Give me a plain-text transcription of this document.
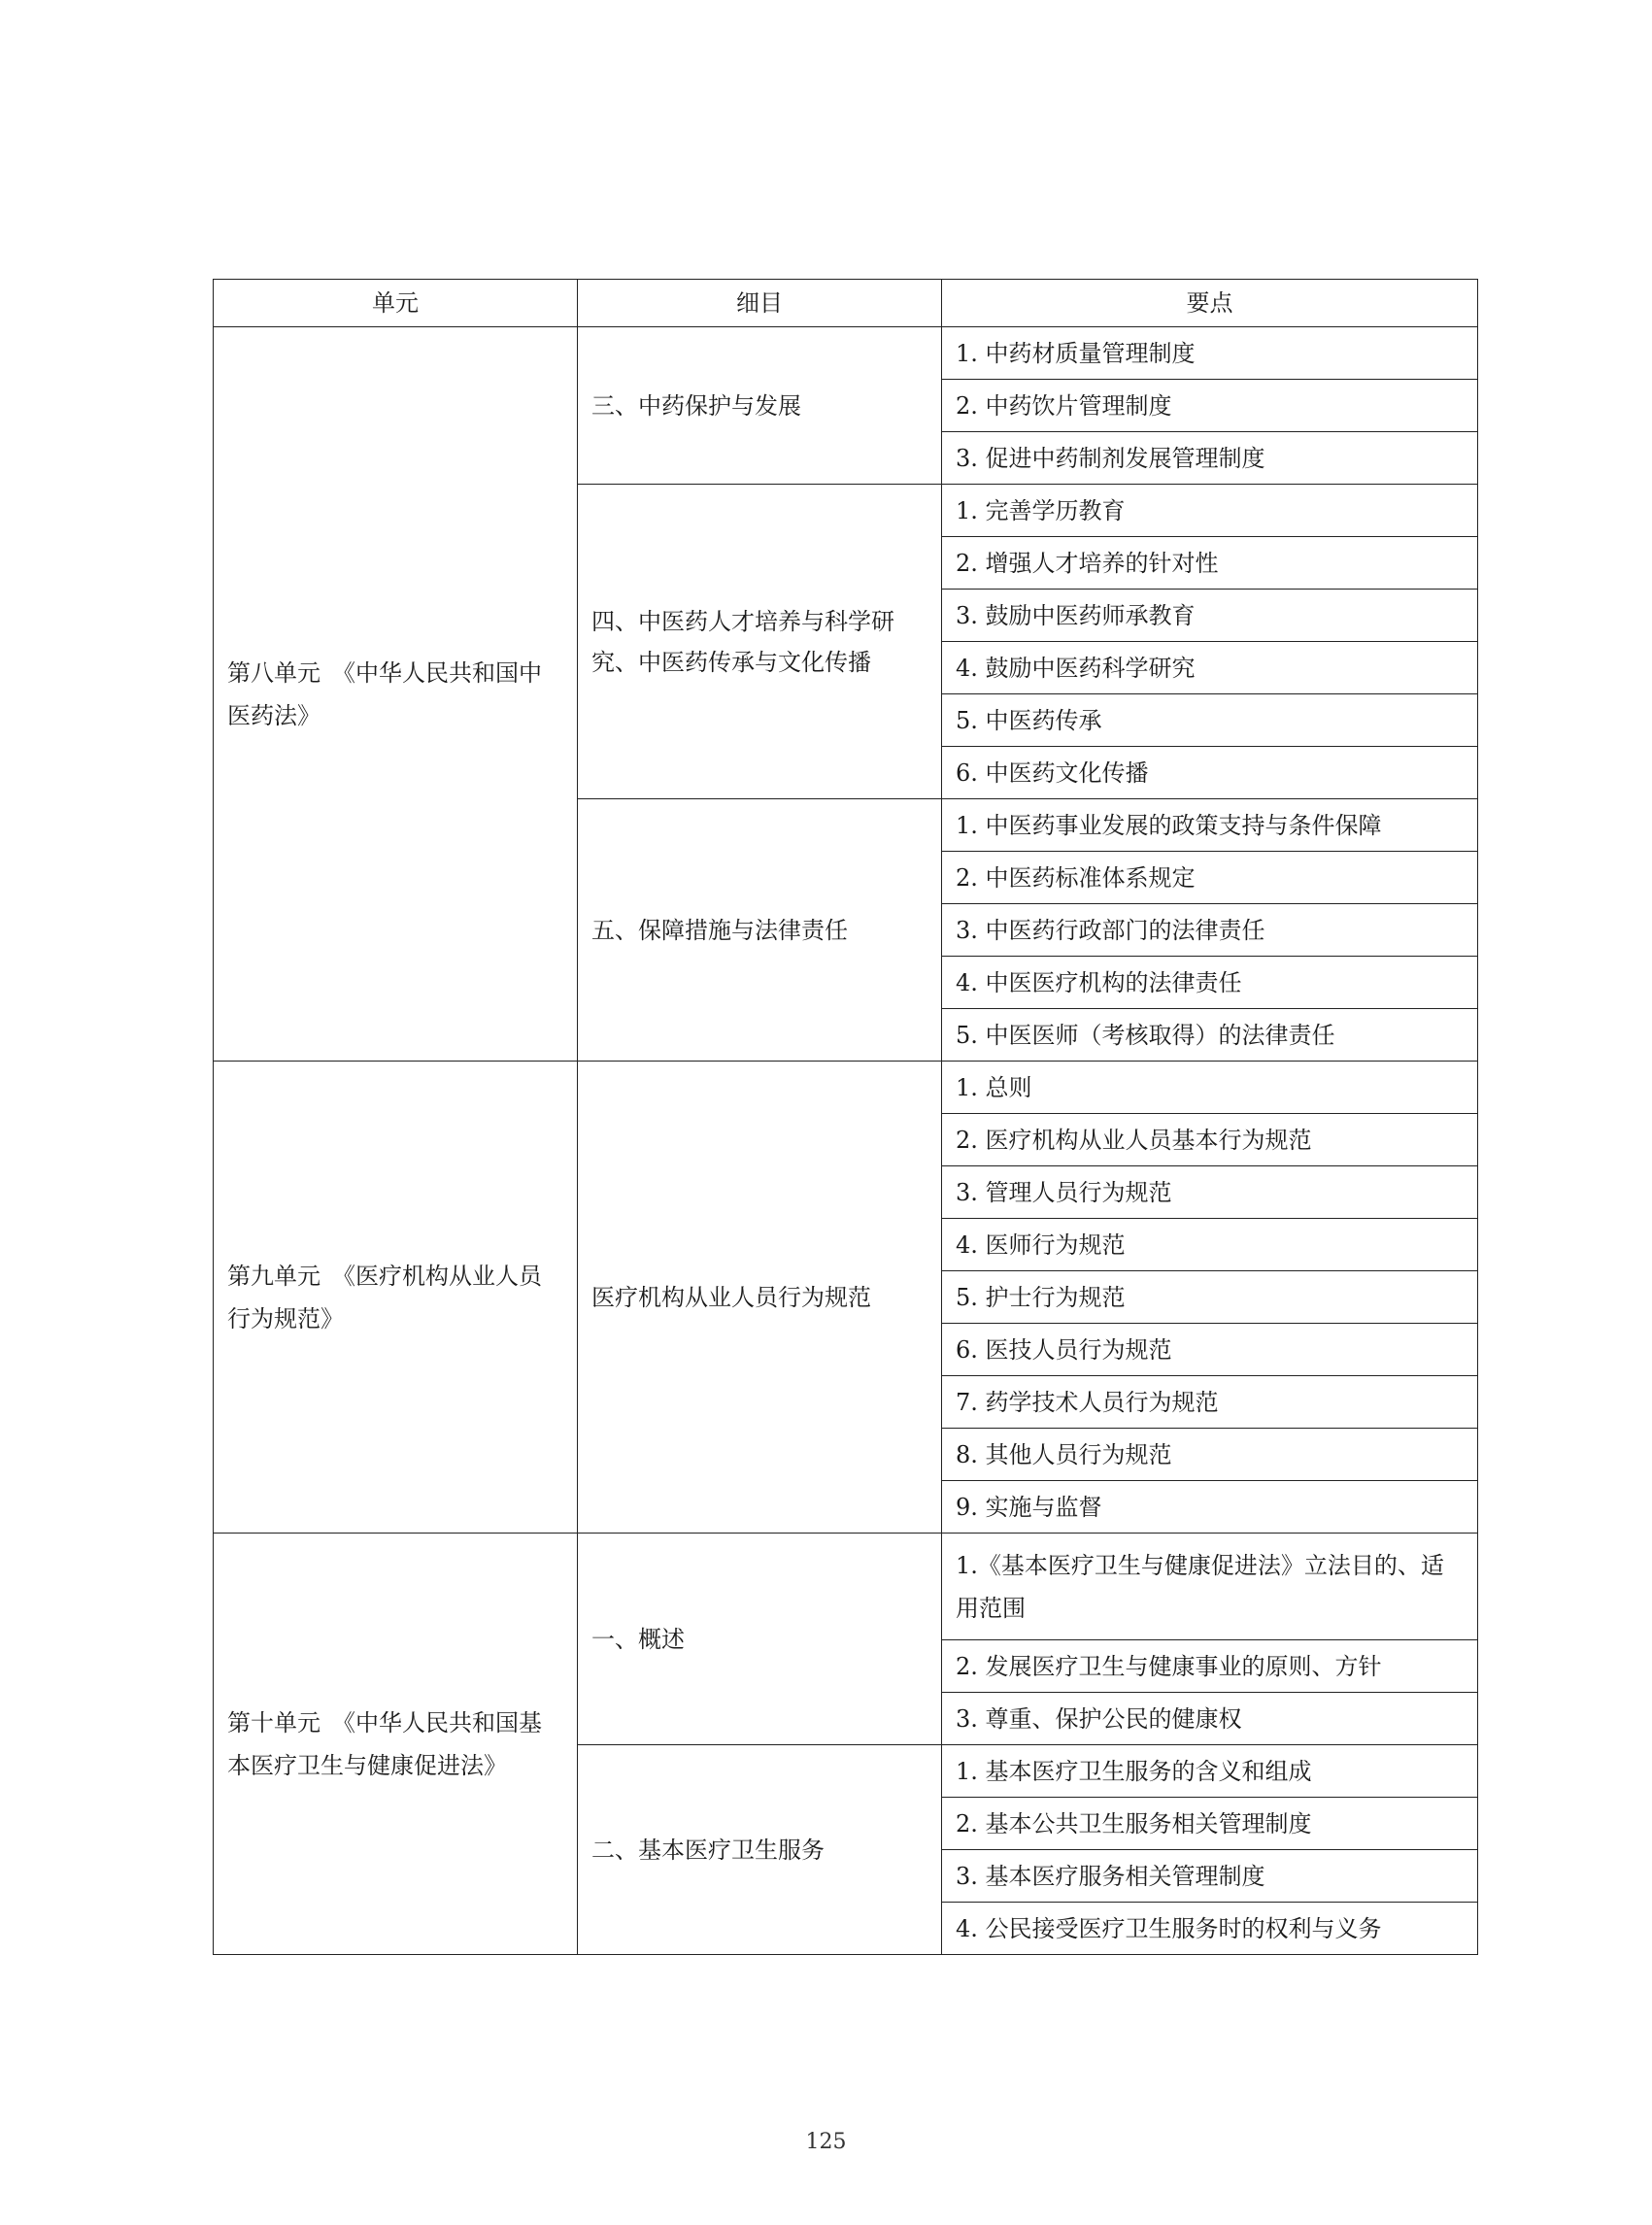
单元	细目	要点
第八单元　《中华人民共和国中医药法》	三、中药保护与发展	1. 中药材质量管理制度
		2. 中药饮片管理制度
		3. 促进中药制剂发展管理制度
	四、中医药人才培养与科学研究、中医药传承与文化传播	1. 完善学历教育
		2. 增强人才培养的针对性
		3. 鼓励中医药师承教育
		4. 鼓励中医药科学研究
		5. 中医药传承
		6. 中医药文化传播
	五、保障措施与法律责任	1. 中医药事业发展的政策支持与条件保障
		2. 中医药标准体系规定
		3. 中医药行政部门的法律责任
		4. 中医医疗机构的法律责任
		5. 中医医师（考核取得）的法律责任
第九单元　《医疗机构从业人员行为规范》	医疗机构从业人员行为规范	1. 总则
		2. 医疗机构从业人员基本行为规范
		3. 管理人员行为规范
		4. 医师行为规范
		5. 护士行为规范
		6. 医技人员行为规范
		7. 药学技术人员行为规范
		8. 其他人员行为规范
		9. 实施与监督
第十单元　《中华人民共和国基本医疗卫生与健康促进法》	一、概述	1.《基本医疗卫生与健康促进法》立法目的、适用范围
		2. 发展医疗卫生与健康事业的原则、方针
		3. 尊重、保护公民的健康权
	二、基本医疗卫生服务	1. 基本医疗卫生服务的含义和组成
		2. 基本公共卫生服务相关管理制度
		3. 基本医疗服务相关管理制度
		4. 公民接受医疗卫生服务时的权利与义务
125
